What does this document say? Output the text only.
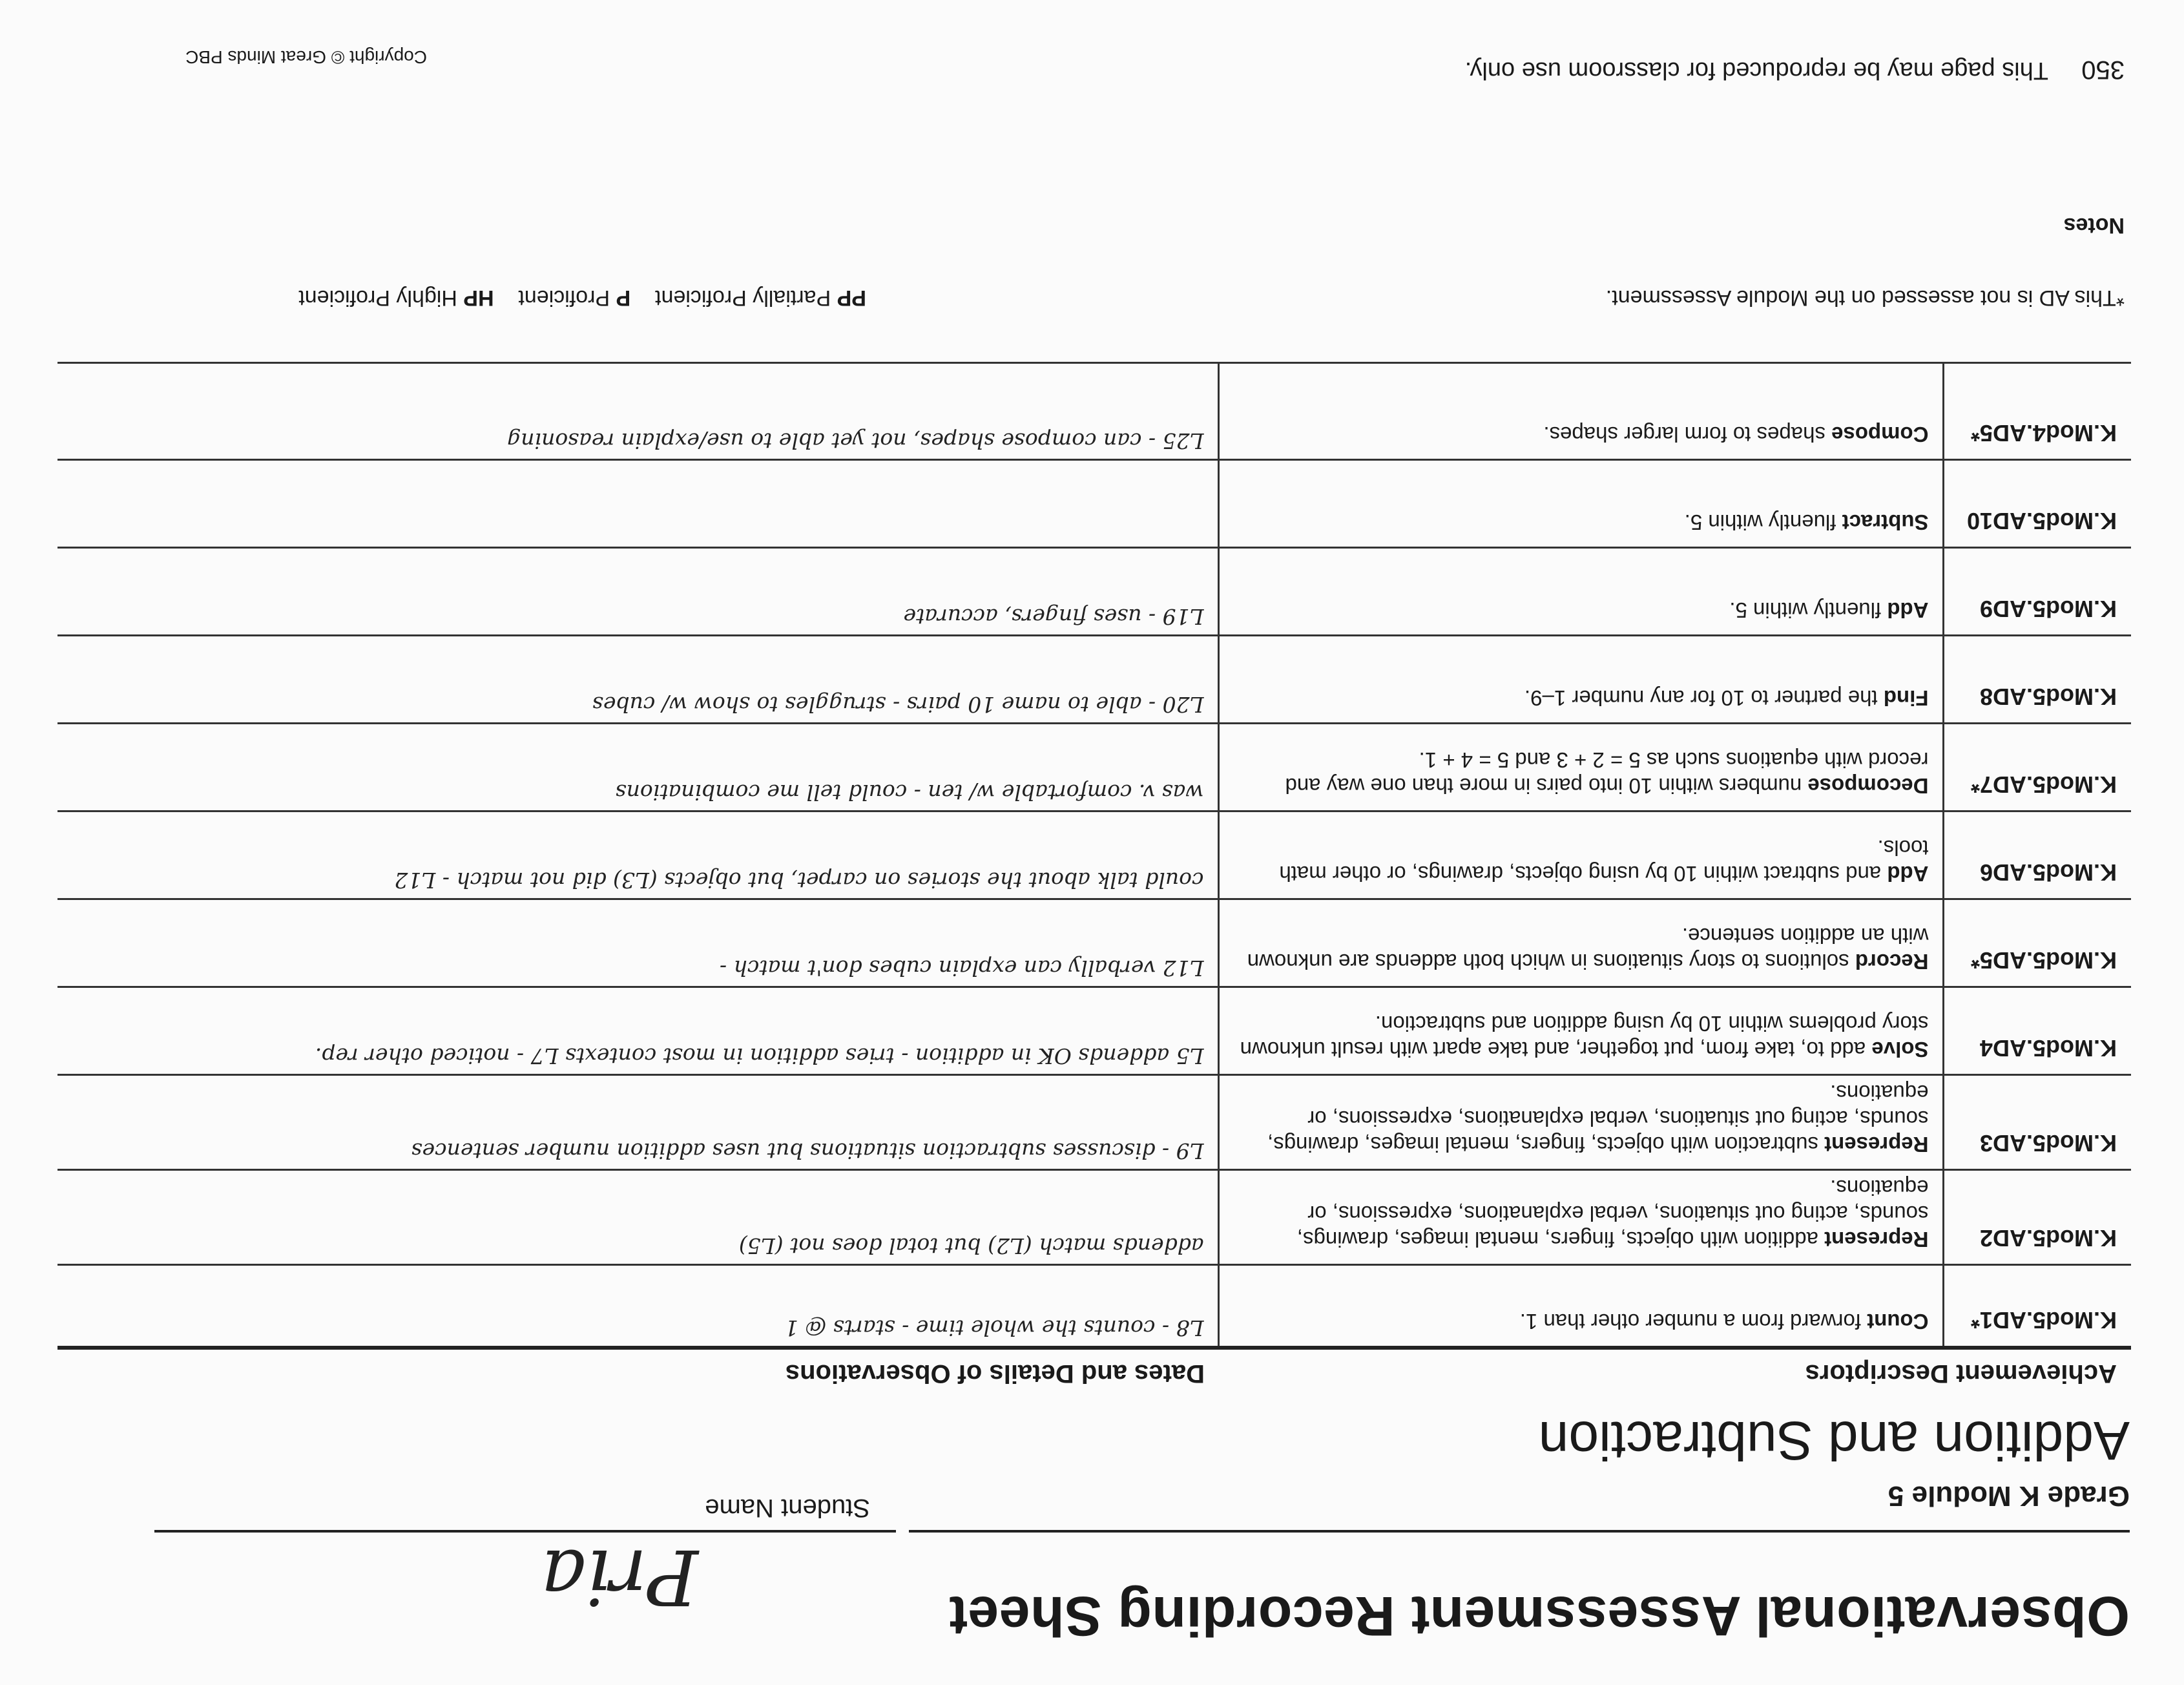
Observational Assessment Recording Sheet
Pria
Student Name	Grade K Module 5
Addition and Subtraction
Achievement Descriptors		Dates and Details of Observations
K.Mod5.AD1*	Count forward from a number other than 1.	L8 - counts the whole time - starts @ 1
K.Mod5.AD2	Represent addition with objects, fingers, mental images, drawings, sounds, acting out situations, verbal explanations, expressions, or equations.	addends match (L2) but total does not (L5)
K.Mod5.AD3	Represent subtraction with objects, fingers, mental images, drawings, sounds, acting out situations, verbal explanations, expressions, or equations.	L9 - discusses subtraction situations but uses addition number sentences
K.Mod5.AD4	Solve add to, take from, put together, and take apart with result unknown story problems within 10 by using addition and subtraction.	L5 addends OK in addition - tries addition in most contexts L7 - noticed other rep.
K.Mod5.AD5*	Record solutions to story situations in which both addends are unknown with an addition sentence.	L12 verbally can explain cubes don't match -
K.Mod5.AD6	Add and subtract within 10 by using objects, drawings, or other math tools.	could talk about the stories on carpet, but objects (L3) did not match - L12
K.Mod5.AD7*	Decompose numbers within 10 into pairs in more than one way and record with equations such as 5 = 2 + 3 and 5 = 4 + 1.	was v. comfortable w/ ten - could tell me combinations
K.Mod5.AD8	Find the partner to 10 for any number 1–9.	L20 - able to name 10 pairs - struggles to show w/ cubes
K.Mod5.AD9	Add fluently within 5.	L19 - uses fingers, accurate
K.Mod5.AD10	Subtract fluently within 5.	
K.Mod4.AD5*	Compose shapes to form larger shapes.	L25 - can compose shapes, not yet able to use/explain reasoning
*This AD is not assessed on the Module Assessment.
PP Partially Proficient    P Proficient    HP Highly Proficient
Notes
350
This page may be reproduced for classroom use only.
Copyright © Great Minds PBC
